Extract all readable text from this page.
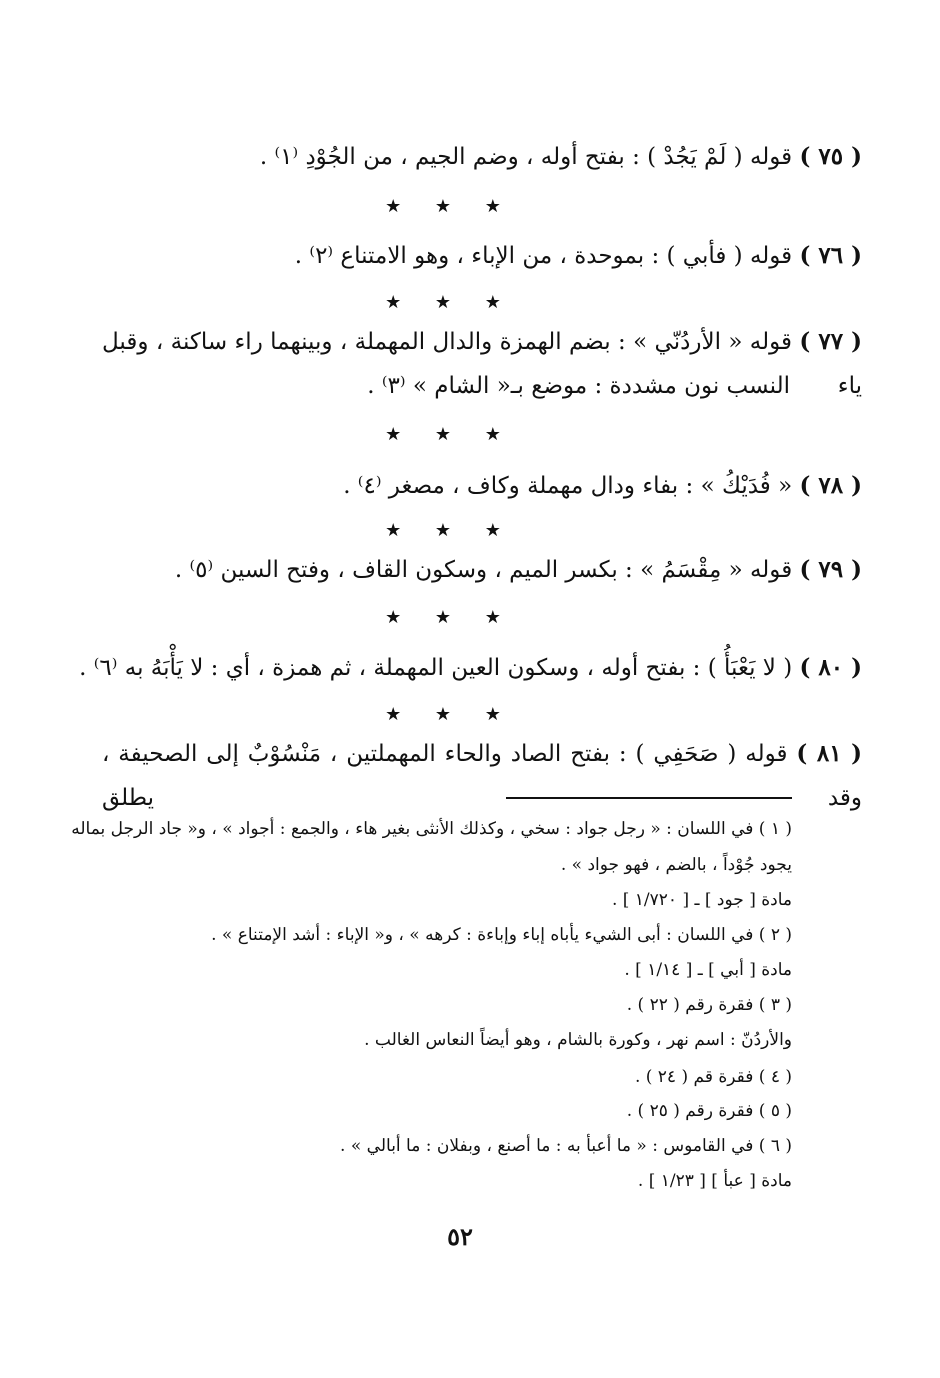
( ٧٥ ) قوله ( لَمْ يَجُدْ ) : بفتح أوله ، وضم الجيم ، من الجُوْدِ ⁽١⁾ .
★ ★ ★
( ٧٦ ) قوله ( فأبي ) : بموحدة ، من الإباء ، وهو الامتناع ⁽٢⁾ .
★ ★ ★
( ٧٧ ) قوله « الأردُنّي » : بضم الهمزة والدال المهملة ، وبينهما راء ساكنة ، وقبل ياء
النسب نون مشددة : موضع بـ« الشام » ⁽٣⁾ .
★ ★ ★
( ٧٨ ) « فُدَيْكُ » : بفاء ودال مهملة وكاف ، مصغر ⁽٤⁾ .
★ ★ ★
( ٧٩ ) قوله « مِقْسَمُ » : بكسر الميم ، وسكون القاف ، وفتح السين ⁽٥⁾ .
★ ★ ★
( ٨٠ ) ( لا يَعْبَأُ ) : بفتح أوله ، وسكون العين المهملة ، ثم همزة ، أي : لا يَأْبَهُ به ⁽٦⁾ .
★ ★ ★
( ٨١ ) قوله ( صَحَفِي ) : بفتح الصاد والحاء المهملتين ، مَنْسُوْبٌ إلى الصحيفة ، وقد يطلق
( ١ ) في اللسان : « رجل جواد : سخي ، وكذلك الأنثى بغير هاء ، والجمع : أجواد » ، و« جاد الرجل بماله
يجود جُوْداً ، بالضم ، فهو جواد » .
مادة [ جود ] ـ [ ١/٧٢٠ ] .
( ٢ ) في اللسان : أبى الشيء يأباه إباء وإباءة : كرهه » ، و« الإباء : أشد الإمتناع » .
مادة [ أبي ] ـ [ ١/١٤ ] .
( ٣ ) فقرة رقم ( ٢٢ ) .
والأردُنّ : اسم نهر ، وكورة بالشام ، وهو أيضاً النعاس الغالب .
( ٤ ) فقرة قم ( ٢٤ ) .
( ٥ ) فقرة رقم ( ٢٥ ) .
( ٦ ) في القاموس : « ما أعبأ به : ما أصنع ، وبفلان : ما أبالي » .
مادة [ عبأ ] [ ١/٢٣ ] .
٥٢
